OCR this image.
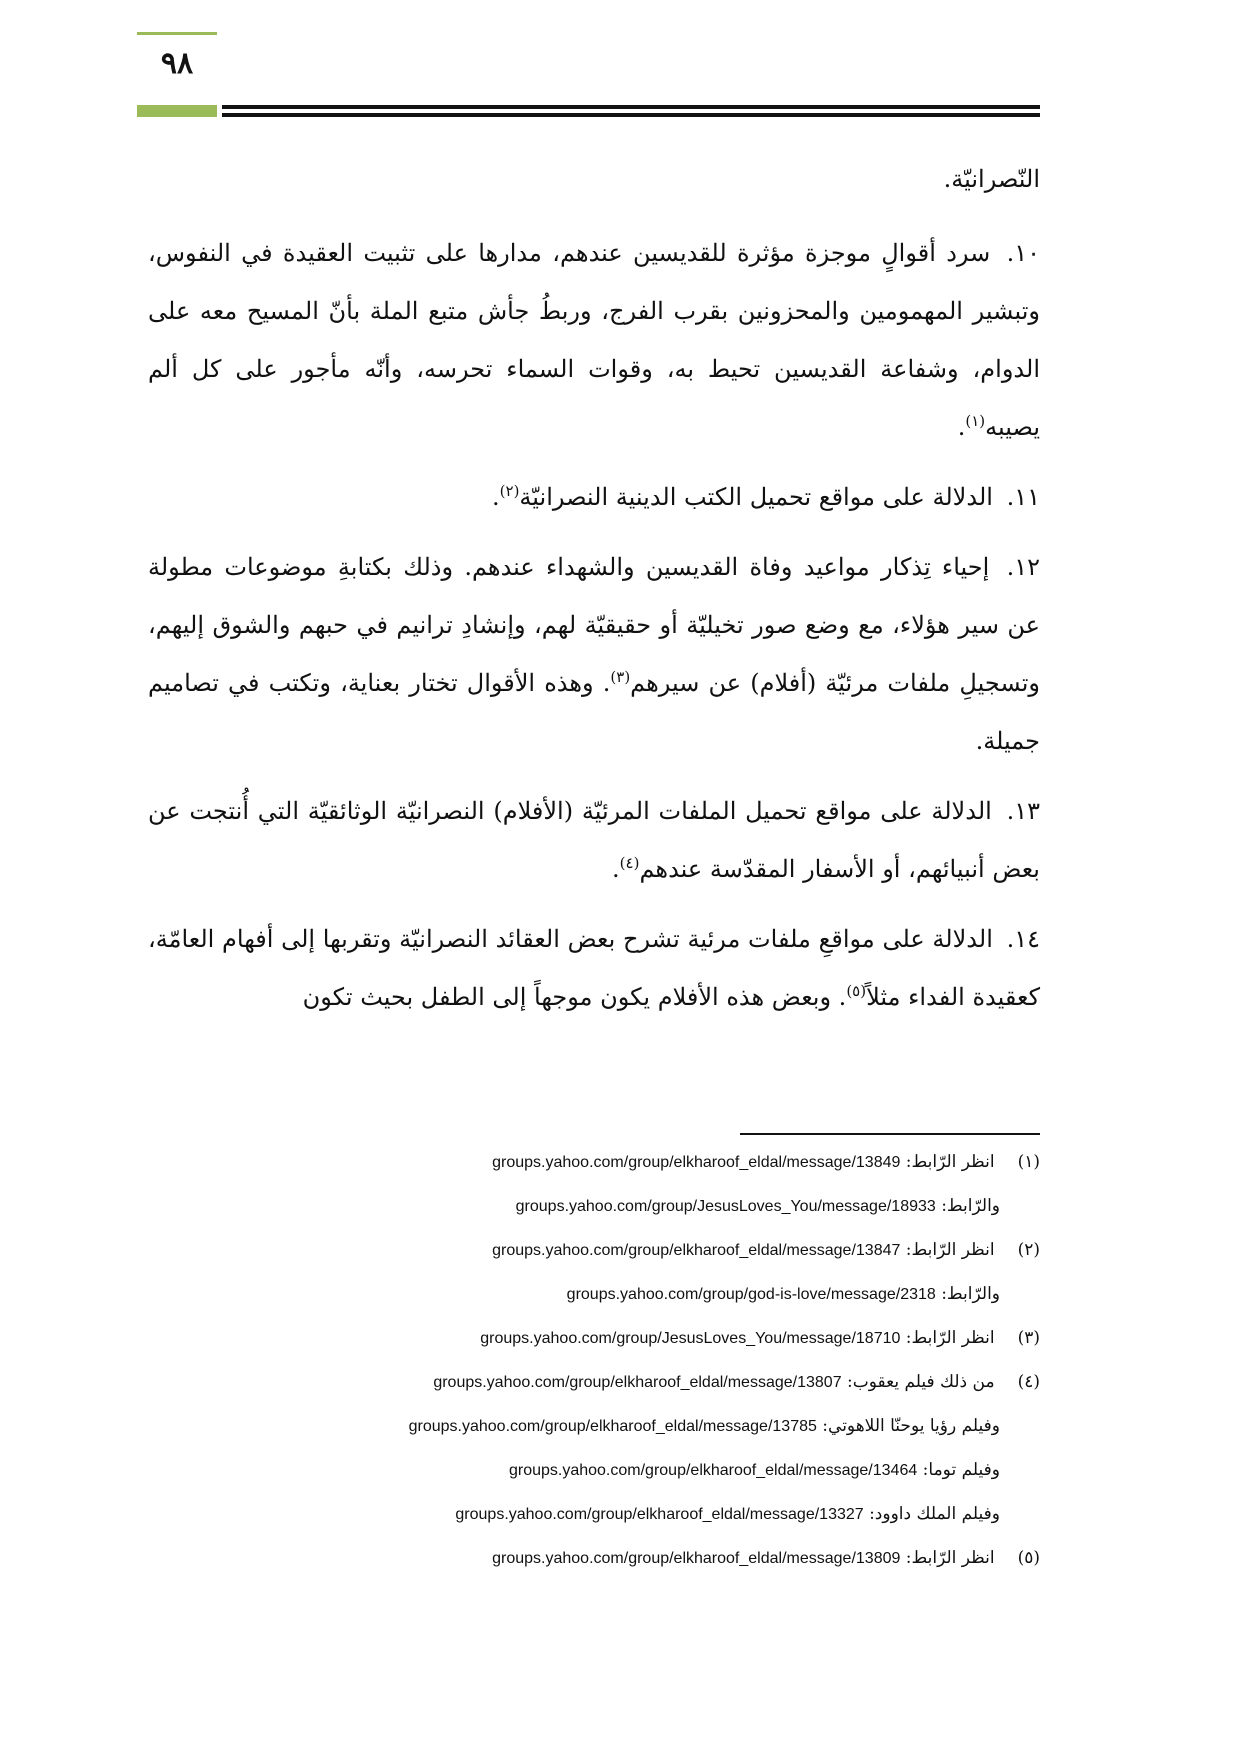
٩٨

النّصرانيّة.

١٠. سرد أقوالٍ موجزة مؤثرة للقديسين عندهم، مدارها على تثبيت العقيدة في النفوس، وتبشير المهمومين والمحزونين بقرب الفرج، وربطُ جأش متبع الملة بأنّ المسيح معه على الدوام، وشفاعة القديسين تحيط به، وقوات السماء تحرسه، وأنّه مأجور على كل ألم يصيبه$^{(١)}$.

١١. الدلالة على مواقع تحميل الكتب الدينية النصرانيّة$^{(٢)}$.

١٢. إحياء تِذكار مواعيد وفاة القديسين والشهداء عندهم. وذلك بكتابةِ موضوعات مطولة عن سير هؤلاء، مع وضع صور تخيليّة أو حقيقيّة لهم، وإنشادِ ترانيم في حبهم والشوق إليهم، وتسجيلِ ملفات مرئيّة (أفلام) عن سيرهم$^{(٣)}$. وهذه الأقوال تختار بعناية، وتكتب في تصاميم جميلة.

١٣. الدلالة على مواقع تحميل الملفات المرئيّة (الأفلام) النصرانيّة الوثائقيّة التي أُنتجت عن بعض أنبيائهم، أو الأسفار المقدّسة عندهم$^{(٤)}$.

١٤. الدلالة على مواقعِ ملفات مرئية تشرح بعض العقائد النصرانيّة وتقربها إلى أفهام العامّة، كعقيدة الفداء مثلاً$^{(٥)}$. وبعض هذه الأفلام يكون موجهاً إلى الطفل بحيث تكون

(١) انظر الرّابط: groups.yahoo.com/group/elkharoof_eldal/message/13849
والرّابط: groups.yahoo.com/group/JesusLoves_You/message/18933
(٢) انظر الرّابط: groups.yahoo.com/group/elkharoof_eldal/message/13847
والرّابط: groups.yahoo.com/group/god-is-love/message/2318
(٣) انظر الرّابط: groups.yahoo.com/group/JesusLoves_You/message/18710
(٤) من ذلك فيلم يعقوب: groups.yahoo.com/group/elkharoof_eldal/message/13807
وفيلم رؤيا يوحنّا اللاهوتي: groups.yahoo.com/group/elkharoof_eldal/message/13785
وفيلم توما: groups.yahoo.com/group/elkharoof_eldal/message/13464
وفيلم الملك داوود: groups.yahoo.com/group/elkharoof_eldal/message/13327
(٥) انظر الرّابط: groups.yahoo.com/group/elkharoof_eldal/message/13809
